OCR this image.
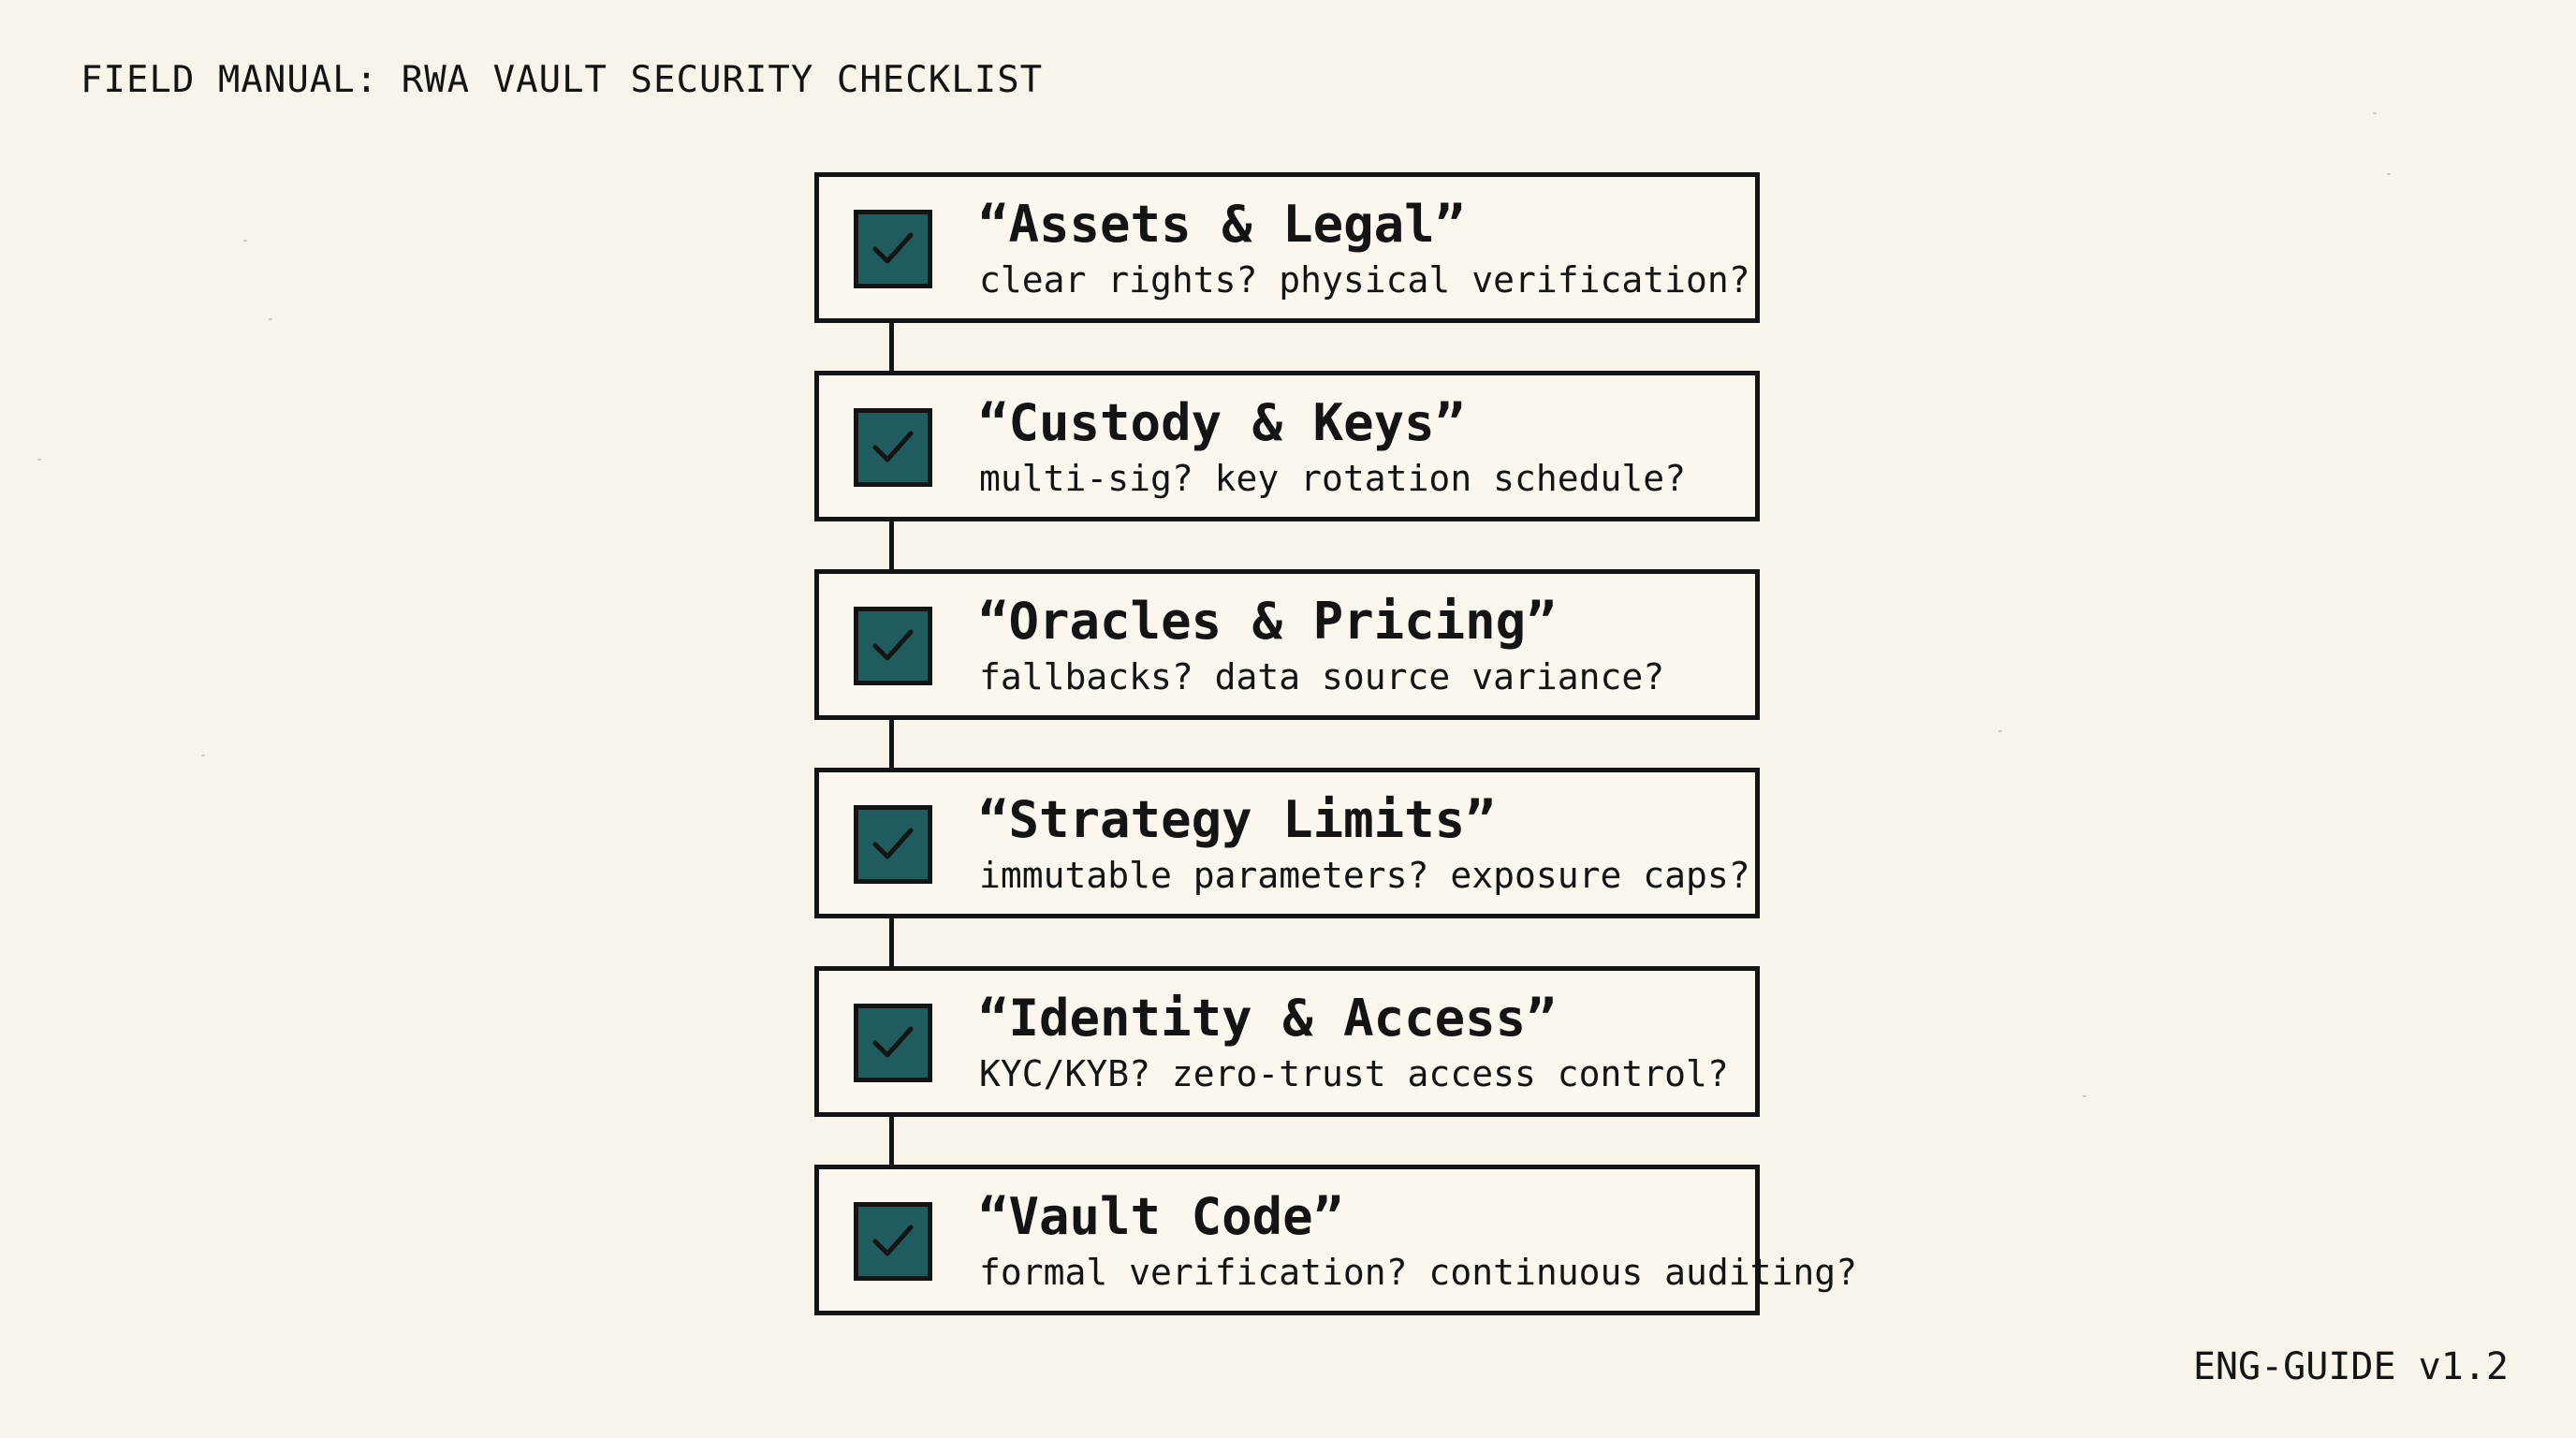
FIELD MANUAL: RWA VAULT SECURITY CHECKLIST
“Assets & Legal”
clear rights? physical verification?
“Custody & Keys”
multi-sig? key rotation schedule?
“Oracles & Pricing”
fallbacks? data source variance?
“Strategy Limits”
immutable parameters? exposure caps?
“Identity & Access”
KYC/KYB? zero-trust access control?
“Vault Code”
formal verification? continuous auditing?
ENG-GUIDE v1.2
